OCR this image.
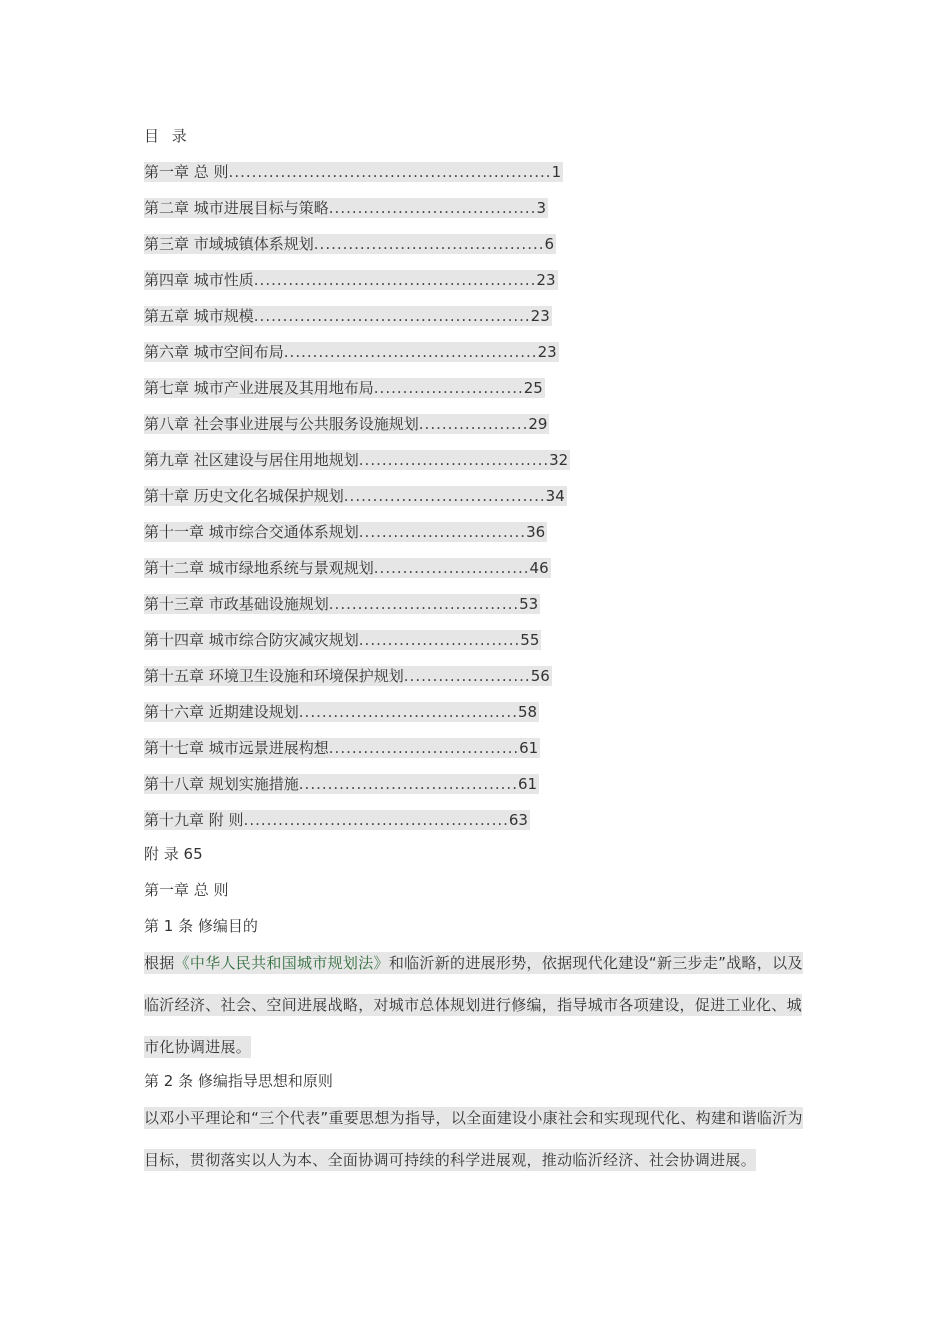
目 录
第一章 总 则........................................................1
第二章 城市进展目标与策略....................................3
第三章 市域城镇体系规划........................................6
第四章 城市性质.................................................23
第五章 城市规模................................................23
第六章 城市空间布局............................................23
第七章 城市产业进展及其用地布局..........................25
第八章 社会事业进展与公共服务设施规划...................29
第九章 社区建设与居住用地规划.................................32
第十章 历史文化名城保护规划...................................34
第十一章 城市综合交通体系规划.............................36
第十二章 城市绿地系统与景观规划...........................46
第十三章 市政基础设施规划.................................53
第十四章 城市综合防灾减灾规划............................55
第十五章 环境卫生设施和环境保护规划......................56
第十六章 近期建设规划......................................58
第十七章 城市远景进展构想.................................61
第十八章 规划实施措施......................................61
第十九章 附 则..............................................63
附 录 65
第一章 总 则
第 1 条 修编目的
根据《中华人民共和国城市规划法》和临沂新的进展形势，依据现代化建设“新三步走”战略，以及临沂经济、社会、空间进展战略，对城市总体规划进行修编，指导城市各项建设，促进工业化、城市化协调进展。
第 2 条 修编指导思想和原则
以邓小平理论和“三个代表”重要思想为指导，以全面建设小康社会和实现现代化、构建和谐临沂为目标，贯彻落实以人为本、全面协调可持续的科学进展观，推动临沂经济、社会协调进展。
